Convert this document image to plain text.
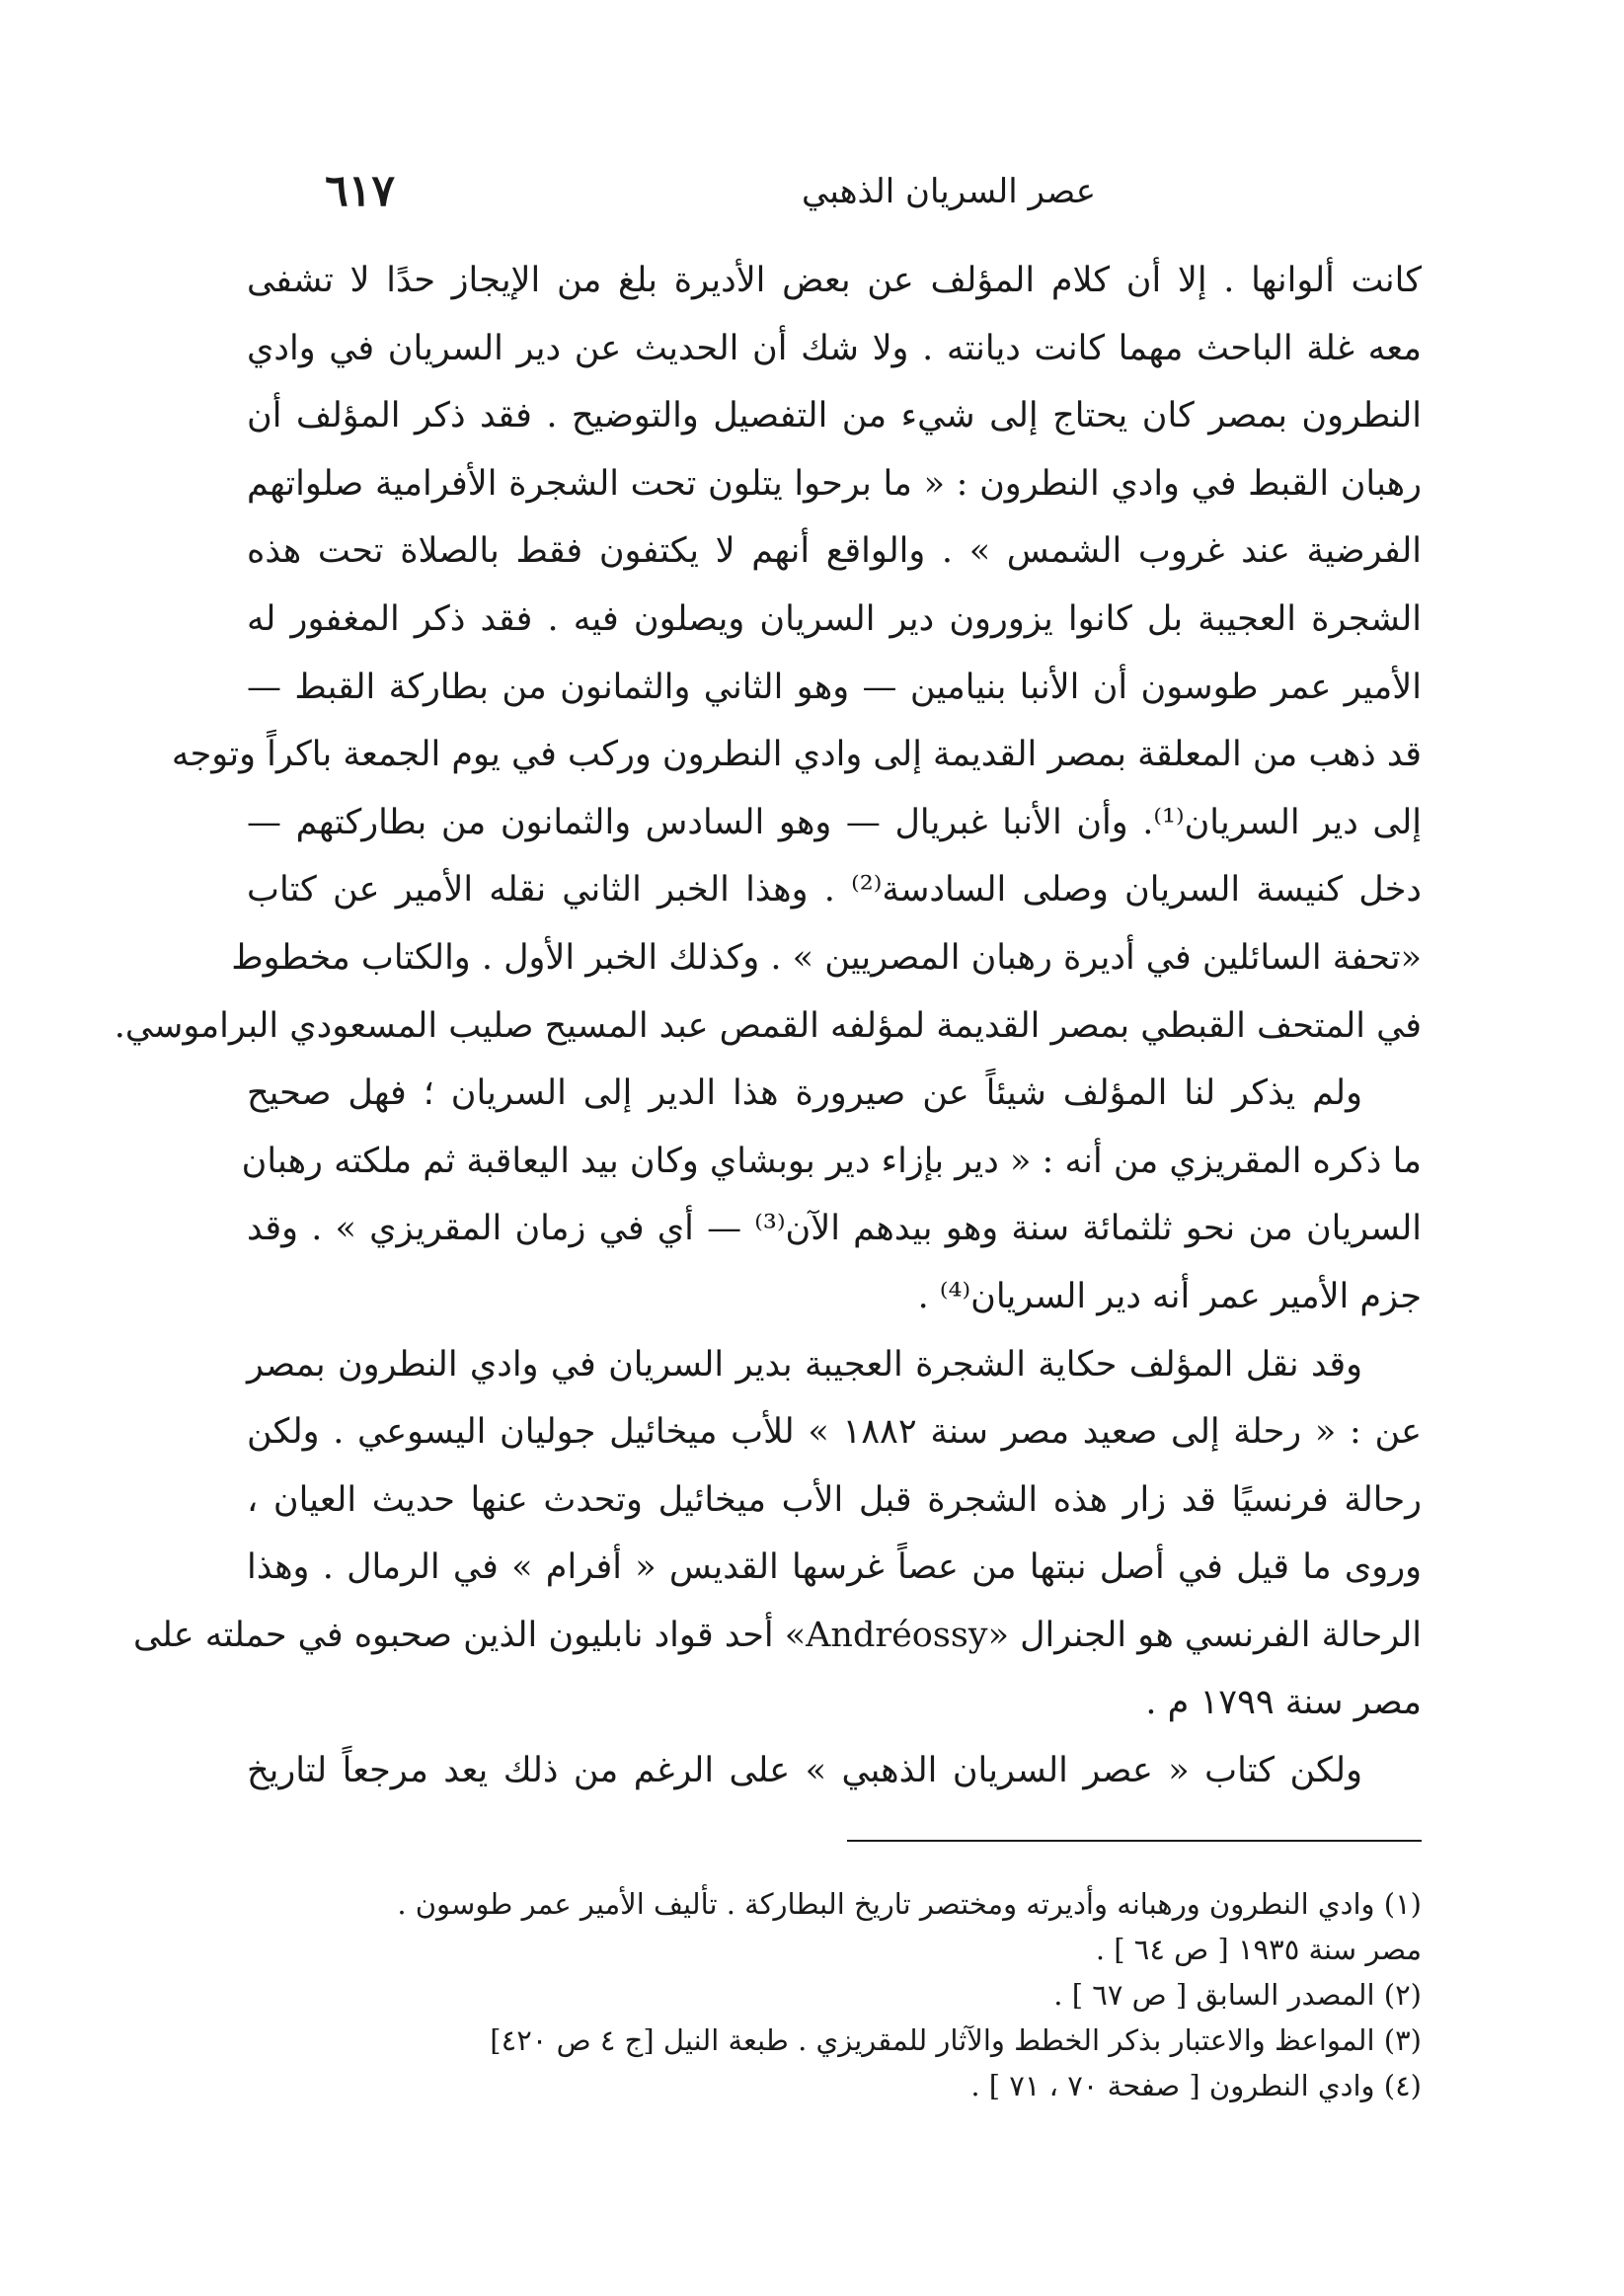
عصر السريان الذهبي
٦١٧
كانت ألوانها . إلا أن كلام المؤلف عن بعض الأديرة بلغ من الإيجاز حدًا لا تشفى
معه غلة الباحث مهما كانت ديانته . ولا شك أن الحديث عن دير السريان في وادي
النطرون بمصر كان يحتاج إلى شيء من التفصيل والتوضيح . فقد ذكر المؤلف أن
رهبان القبط في وادي النطرون : « ما برحوا يتلون تحت الشجرة الأفرامية صلواتهم
الفرضية عند غروب الشمس » . والواقع أنهم لا يكتفون فقط بالصلاة تحت هذه
الشجرة العجيبة بل كانوا يزورون دير السريان ويصلون فيه . فقد ذكر المغفور له
الأمير عمر طوسون أن الأنبا بنيامين — وهو الثاني والثمانون من بطاركة القبط —
قد ذهب من المعلقة بمصر القديمة إلى وادي النطرون وركب في يوم الجمعة باكراً وتوجه
إلى دير السريان⁽¹⁾. وأن الأنبا غبريال — وهو السادس والثمانون من بطاركتهم —
دخل كنيسة السريان وصلى السادسة⁽²⁾ . وهذا الخبر الثاني نقله الأمير عن كتاب
«تحفة السائلين في أديرة رهبان المصريين » . وكذلك الخبر الأول . والكتاب مخطوط
في المتحف القبطي بمصر القديمة لمؤلفه القمص عبد المسيح صليب المسعودي البراموسي.
ولم يذكر لنا المؤلف شيئاً عن صيرورة هذا الدير إلى السريان ؛ فهل صحيح
ما ذكره المقريزي من أنه : « دير بإزاء دير بوبشاي وكان بيد اليعاقبة ثم ملكته رهبان
السريان من نحو ثلثمائة سنة وهو بيدهم الآن⁽³⁾ — أي في زمان المقريزي » . وقد
جزم الأمير عمر أنه دير السريان⁽⁴⁾ .
وقد نقل المؤلف حكاية الشجرة العجيبة بدير السريان في وادي النطرون بمصر
عن : « رحلة إلى صعيد مصر سنة ١٨٨٢ » للأب ميخائيل جوليان اليسوعي . ولكن
رحالة فرنسيًا قد زار هذه الشجرة قبل الأب ميخائيل وتحدث عنها حديث العيان ،
وروى ما قيل في أصل نبتها من عصاً غرسها القديس « أفرام » في الرمال . وهذا
الرحالة الفرنسي هو الجنرال «Andréossy» أحد قواد نابليون الذين صحبوه في حملته على
مصر سنة ١٧٩٩ م .
ولكن كتاب « عصر السريان الذهبي » على الرغم من ذلك يعد مرجعاً لتاريخ
(١) وادي النطرون ورهبانه وأديرته ومختصر تاريخ البطاركة . تأليف الأمير عمر طوسون .
مصر سنة ١٩٣٥ [ ص ٦٤ ] .
(٢) المصدر السابق [ ص ٦٧ ] .
(٣) المواعظ والاعتبار بذكر الخطط والآثار للمقريزي . طبعة النيل [ج ٤ ص ٤٢٠]
(٤) وادي النطرون [ صفحة ٧٠ ، ٧١ ] .
